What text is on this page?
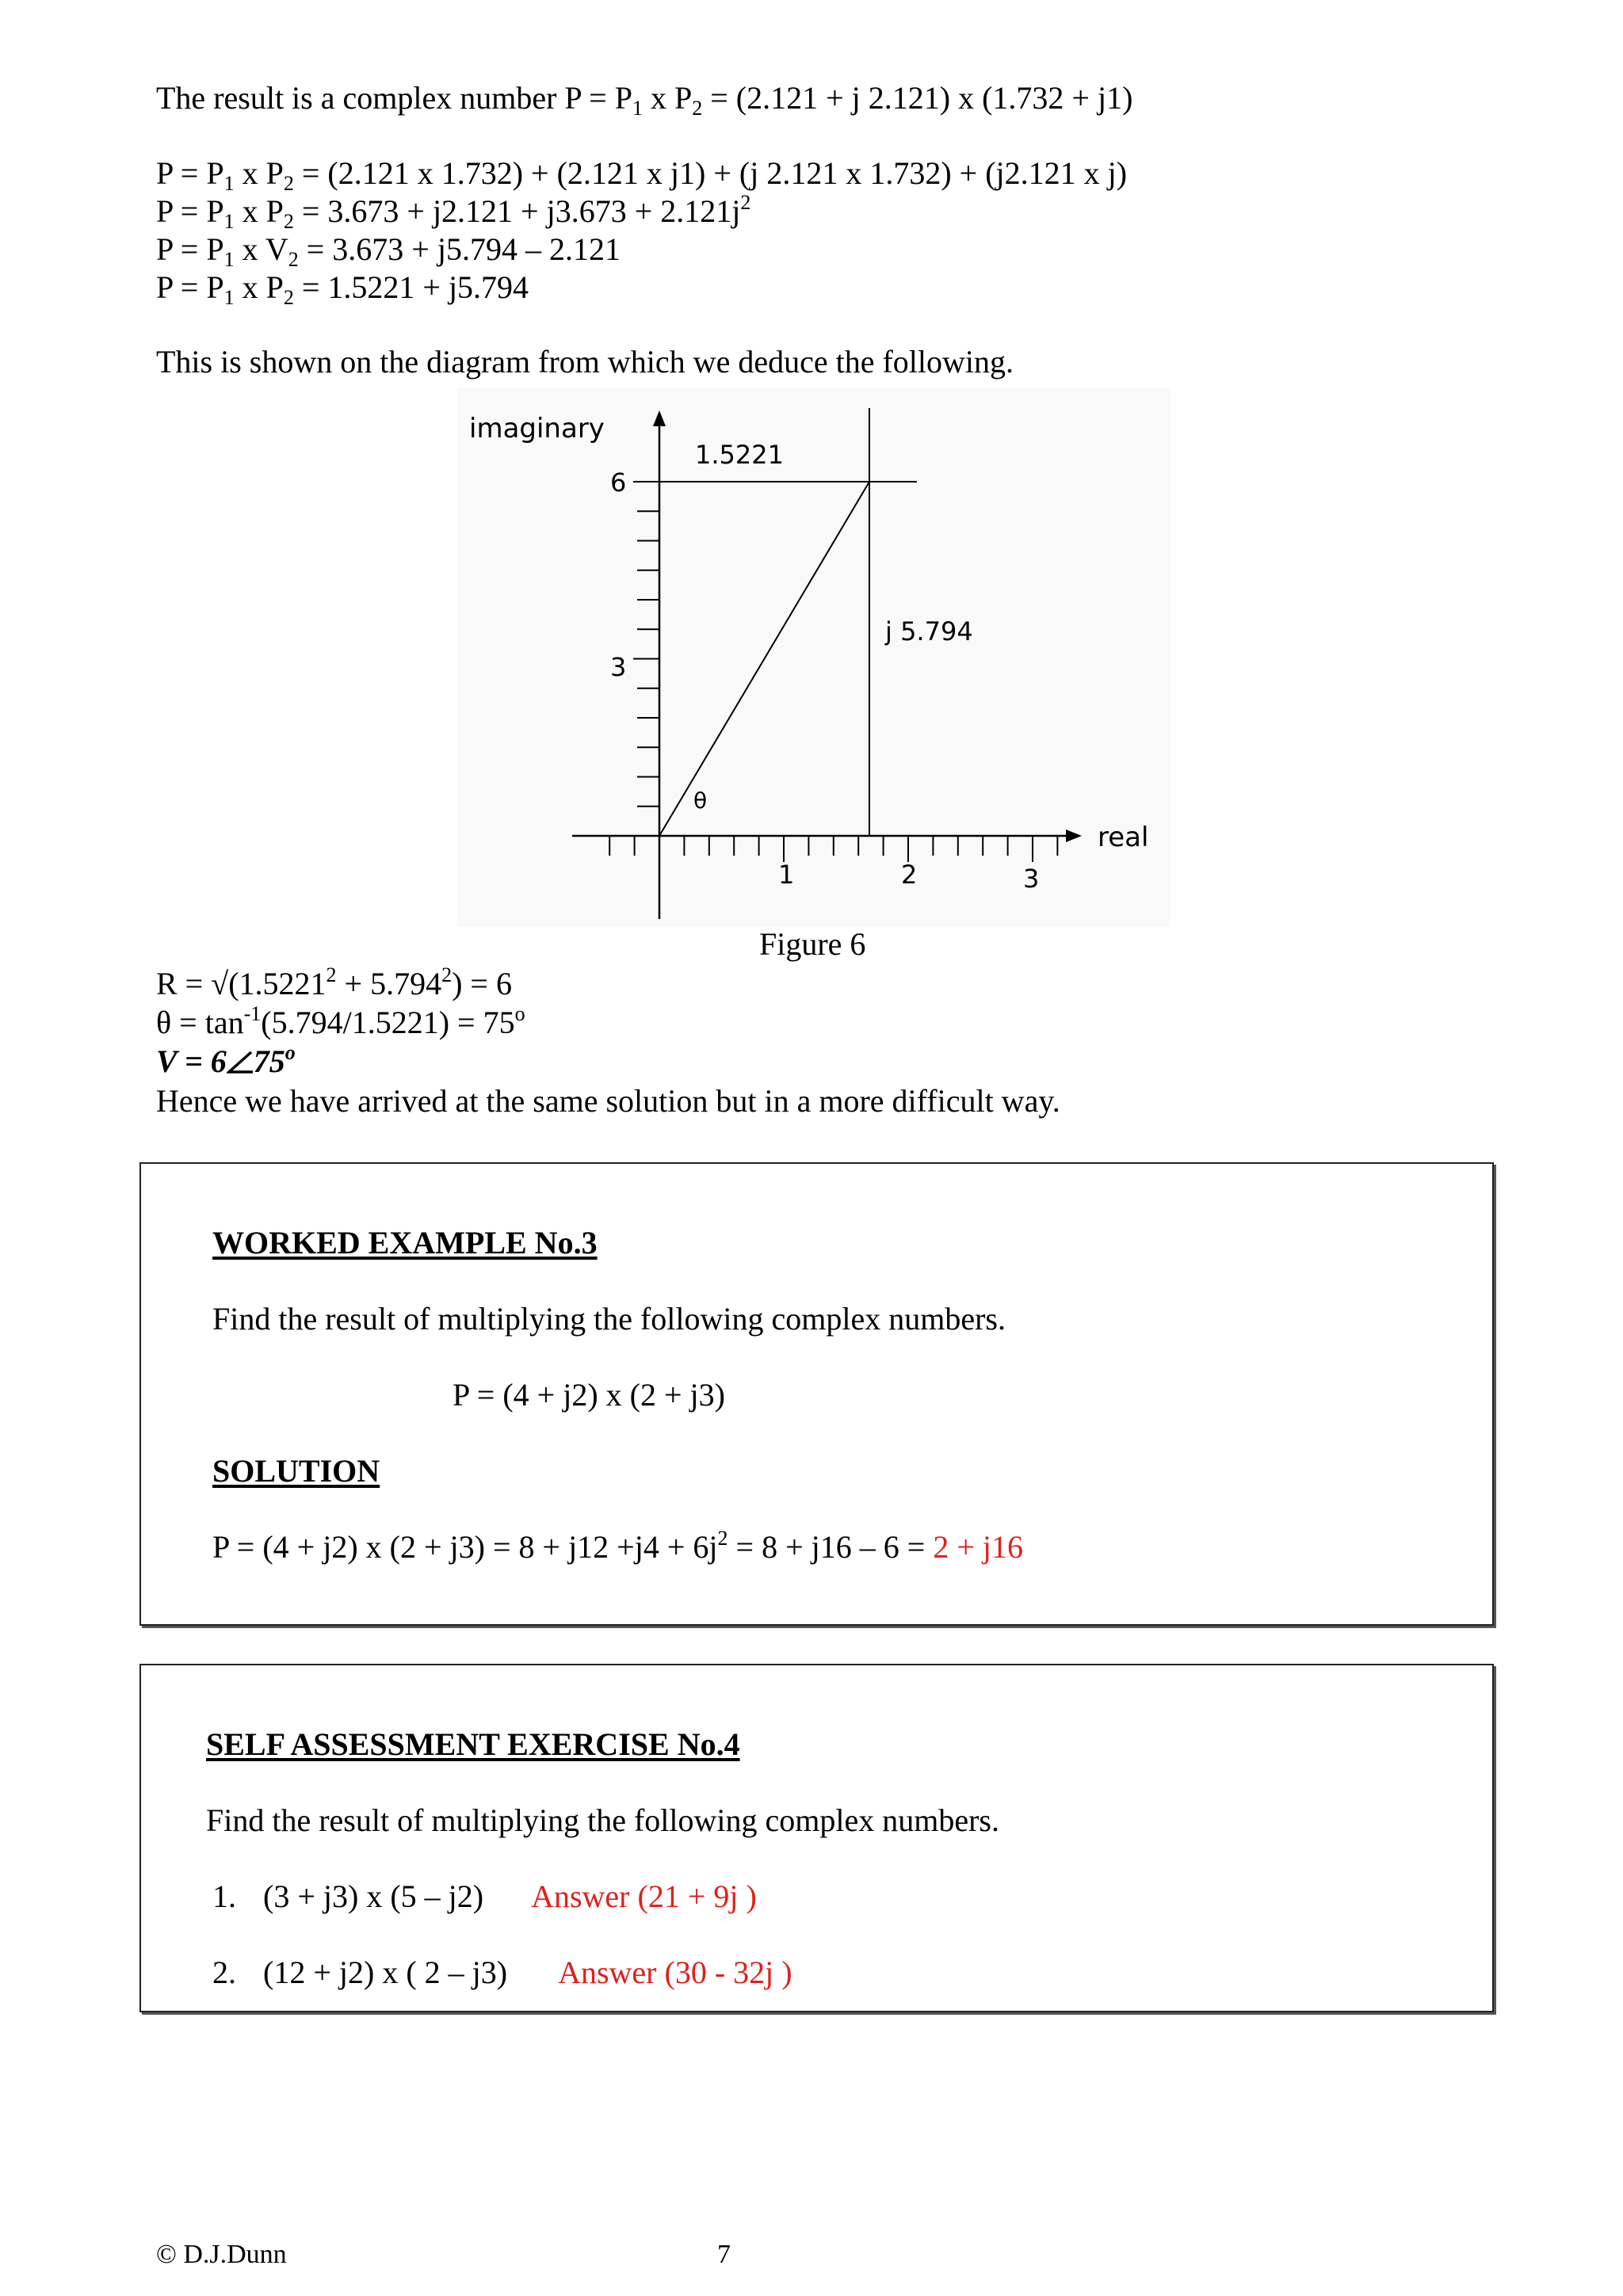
The result is a complex number $P = P_1$ x $P_2 = (2.121 + j$ 2.121) x (1.732 + j1)
$P = P_1$ x $P_2 = (2.121$ x 1.732) + (2.121 x j1) + (j 2.121 x 1.732) + (j2.121 x j)
$P = P_1$ x $P_2 = 3.673 + j2.121 + j3.673 + 2.121j^2$
$P = P_1$ x $V_2 = 3.673 + j5.794 - 2.121$
$P = P_1$ x $P_2 = 1.5221 + j5.794$
This is shown on the diagram from which we deduce the following.
imaginary
real
6
3
1	2	3
1.5221
j 5.794
θ
Figure 6
$R = √(1.5221^2 + 5.794^2) = 6$
$\theta = \tan^{-1}(5.794/1.5221) = 75^o$
V = 6 75$^o$
Hence we have arrived at the same solution but in a more difficult way.
WORKED EXAMPLE No.3
Find the result of multiplying the following complex numbers.
P = (4 + j2) x (2 + j3)
SOLUTION
P = (4 + j2) x $(2 + j3) = 8 + j12 +j4 + 6j^2 = 8 + j16 - 6 = 2 + j16$
SELF ASSESSMENT EXERCISE No.4
Find the result of multiplying the following complex numbers.
1. (3 + j3) x (5 – j2) Answer (21 + 9j )
2. (12 + j2) x ( 2 – j3) Answer (30 - 32j )
© D.J.Dunn	7
